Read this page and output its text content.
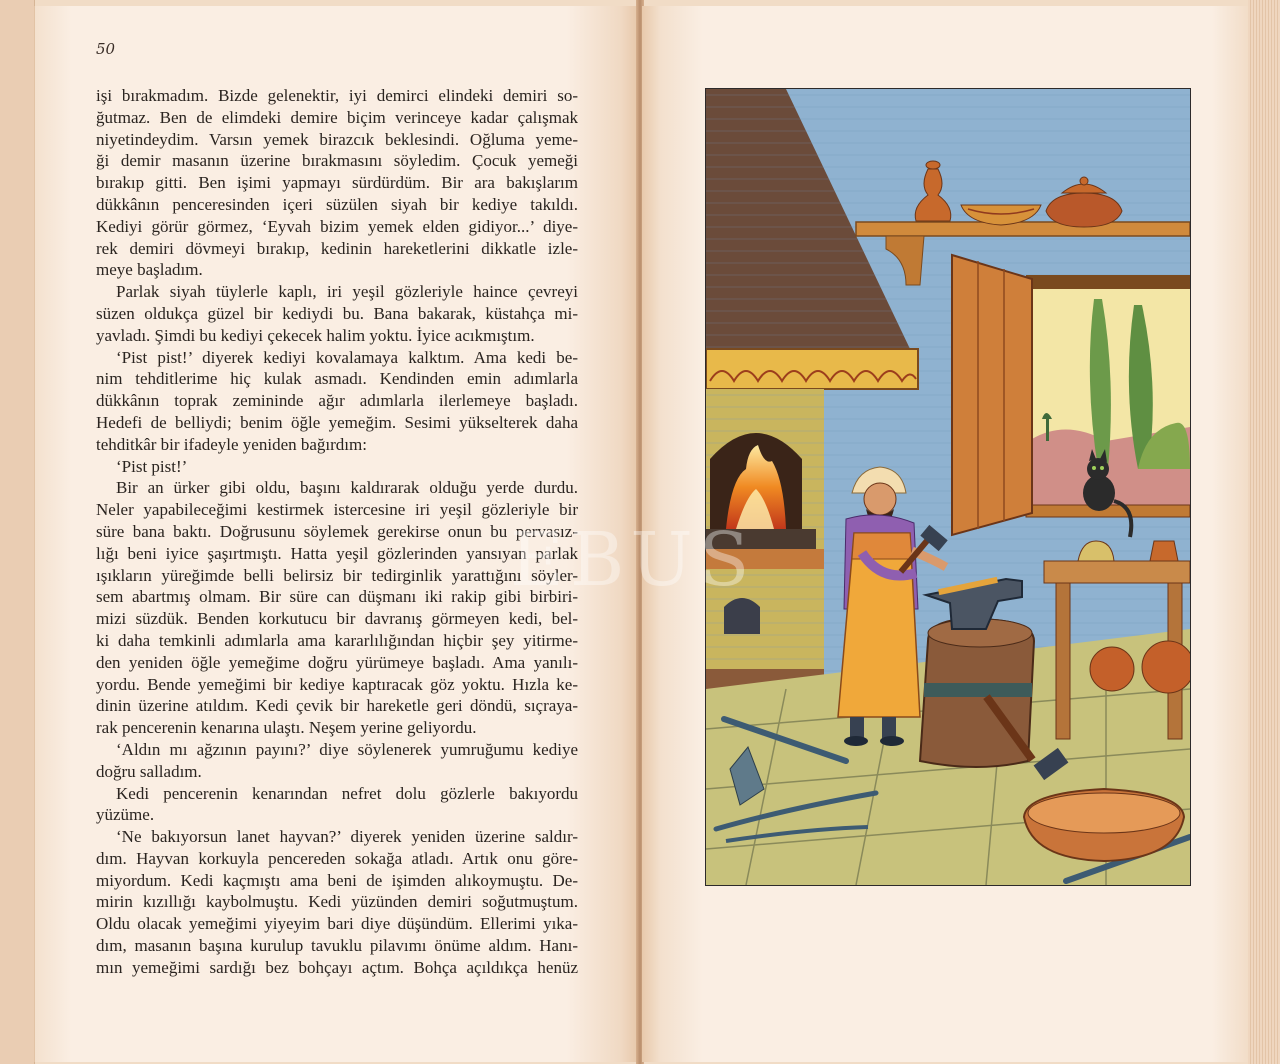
50
işi bırakmadım. Bizde gelenektir, iyi demirci elindeki demiri so-
ğutmaz. Ben de elimdeki demire biçim verinceye kadar çalışmak
niyetindeydim. Varsın yemek birazcık beklesindi. Oğluma yeme-
ği demir masanın üzerine bırakmasını söyledim. Çocuk yemeği
bırakıp gitti. Ben işimi yapmayı sürdürdüm. Bir ara bakışlarım
dükkânın penceresinden içeri süzülen siyah bir kediye takıldı.
Kediyi görür görmez, ‘Eyvah bizim yemek elden gidiyor...’ diye-
rek demiri dövmeyi bırakıp, kedinin hareketlerini dikkatle izle-
meye başladım.
Parlak siyah tüylerle kaplı, iri yeşil gözleriyle haince çevreyi
süzen oldukça güzel bir kediydi bu. Bana bakarak, küstahça mi-
yavladı. Şimdi bu kediyi çekecek halim yoktu. İyice acıkmıştım.
‘Pist pist!’ diyerek kediyi kovalamaya kalktım. Ama kedi be-
nim tehditlerime hiç kulak asmadı. Kendinden emin adımlarla
dükkânın toprak zemininde ağır adımlarla ilerlemeye başladı.
Hedefi de belliydi; benim öğle yemeğim. Sesimi yükselterek daha
tehditkâr bir ifadeyle yeniden bağırdım:
‘Pist pist!’
Bir an ürker gibi oldu, başını kaldırarak olduğu yerde durdu.
Neler yapabileceğimi kestirmek istercesine iri yeşil gözleriyle bir
süre bana baktı. Doğrusunu söylemek gerekirse onun bu pervasız-
lığı beni iyice şaşırtmıştı. Hatta yeşil gözlerinden yansıyan parlak
ışıkların yüreğimde belli belirsiz bir tedirginlik yarattığını söyler-
sem abartmış olmam. Bir süre can düşmanı iki rakip gibi birbiri-
mizi süzdük. Benden korkutucu bir davranış görmeyen kedi, bel-
ki daha temkinli adımlarla ama kararlılığından hiçbir şey yitirme-
den yeniden öğle yemeğime doğru yürümeye başladı. Ama yanılı-
yordu. Bende yemeğimi bir kediye kaptıracak göz yoktu. Hızla ke-
dinin üzerine atıldım. Kedi çevik bir hareketle geri döndü, sıçraya-
rak pencerenin kenarına ulaştı. Neşem yerine geliyordu.
‘Aldın mı ağzının payını?’ diye söylenerek yumruğumu kediye
doğru salladım.
Kedi pencerenin kenarından nefret dolu gözlerle bakıyordu
yüzüme.
‘Ne bakıyorsun lanet hayvan?’ diyerek yeniden üzerine saldır-
dım. Hayvan korkuyla pencereden sokağa atladı. Artık onu göre-
miyordum. Kedi kaçmıştı ama beni de işimden alıkoymuştu. De-
mirin kızıllığı kaybolmuştu. Kedi yüzünden demiri soğutmuştum.
Oldu olacak yemeğimi yiyeyim bari diye düşündüm. Ellerimi yıka-
dım, masanın başına kurulup tavuklu pilavımı önüme aldım. Hanı-
mın yemeğimi sardığı bez bohçayı açtım. Bohça açıldıkça henüz
EBUS
